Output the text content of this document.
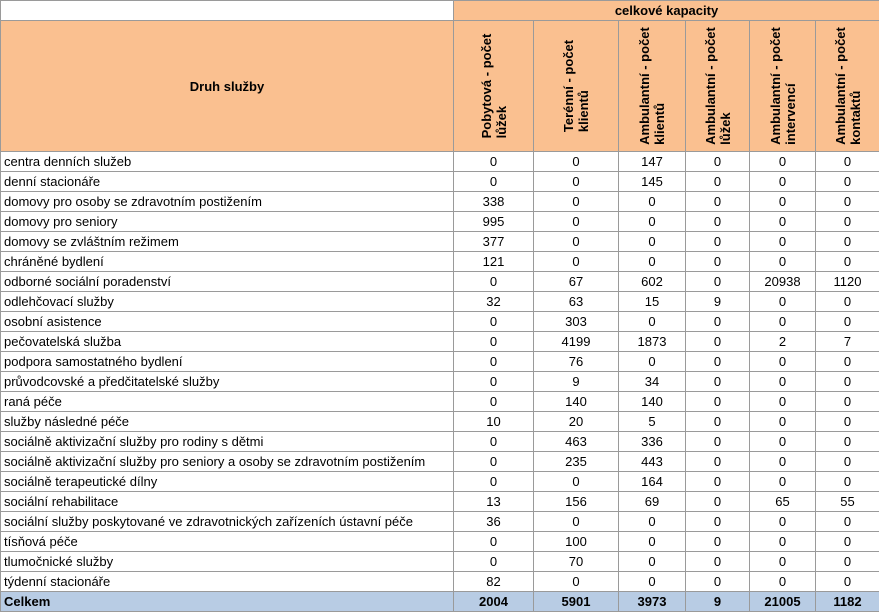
	celkové kapacity					
Druh služby	Pobytová - počet lůžek	Terénní - počet klientů	Ambulantní - počet klientů	Ambulantní - počet lůžek	Ambulantní - počet intervencí	Ambulantní - počet kontaktů

centra denních služeb	0	0	147	0	0	0
denní stacionáře	0	0	145	0	0	0
domovy pro osoby se zdravotním postižením	338	0	0	0	0	0
domovy pro seniory	995	0	0	0	0	0
domovy se zvláštním režimem	377	0	0	0	0	0
chráněné bydlení	121	0	0	0	0	0
odborné sociální poradenství	0	67	602	0	20938	1120
odlehčovací služby	32	63	15	9	0	0
osobní asistence	0	303	0	0	0	0
pečovatelská služba	0	4199	1873	0	2	7
podpora samostatného bydlení	0	76	0	0	0	0
průvodcovské a předčitatelské služby	0	9	34	0	0	0
raná péče	0	140	140	0	0	0
služby následné péče	10	20	5	0	0	0
sociálně aktivizační služby pro rodiny s dětmi	0	463	336	0	0	0
sociálně aktivizační služby pro seniory a osoby se zdravotním postižením	0	235	443	0	0	0
sociálně terapeutické dílny	0	0	164	0	0	0
sociální rehabilitace	13	156	69	0	65	55
sociální služby poskytované ve zdravotnických zařízeních ústavní péče	36	0	0	0	0	0
tísňová péče	0	100	0	0	0	0
tlumočnické služby	0	70	0	0	0	0
týdenní stacionáře	82	0	0	0	0	0
Celkem	2004	5901	3973	9	21005	1182
